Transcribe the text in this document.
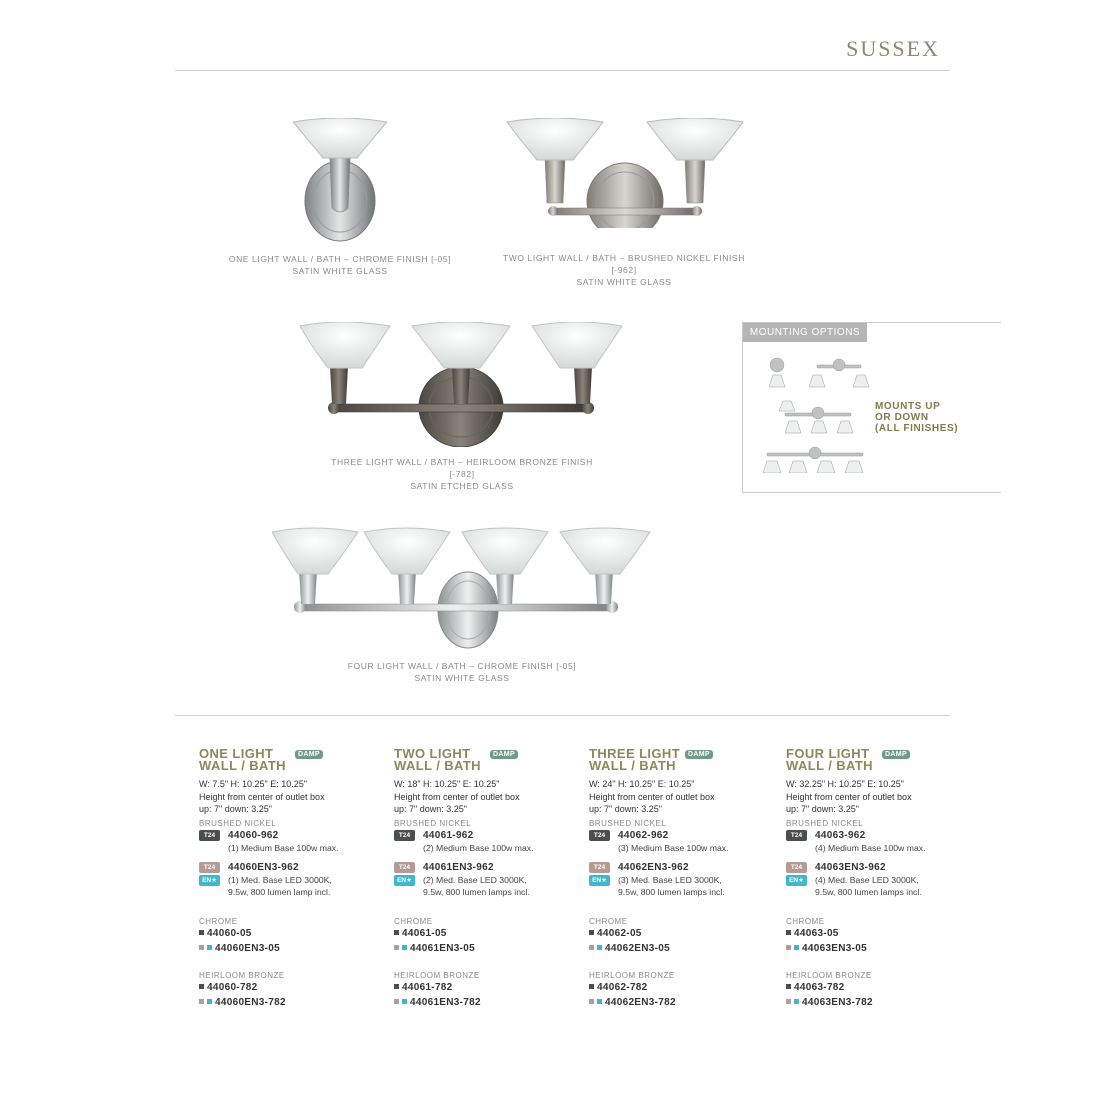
SUSSEX
ONE LIGHT WALL / BATH – CHROME FINISH [-05]
SATIN WHITE GLASS
TWO LIGHT WALL / BATH – BRUSHED NICKEL FINISH [-962]
SATIN WHITE GLASS
THREE LIGHT WALL / BATH – HEIRLOOM BRONZE FINISH [-782]
SATIN ETCHED GLASS
MOUNTING OPTIONS
MOUNTS UP
OR DOWN
(ALL FINISHES)
FOUR LIGHT WALL / BATH – CHROME FINISH [-05]
SATIN WHITE GLASS
ONE LIGHT
WALL / BATH
DAMP
W: 7.5" H: 10.25" E: 10.25"
Height from center of outlet box
up: 7" down: 3.25"
BRUSHED NICKEL
T24	44060-962
(1) Medium Base 100w max.
T24
EN★
44060EN3-962
(1) Med. Base LED 3000K,
9.5w, 800 lumen lamp incl.
CHROME
44060-05
44060EN3-05
HEIRLOOM BRONZE
44060-782
44060EN3-782
TWO LIGHT
WALL / BATH
DAMP
W: 18" H: 10.25" E: 10.25"
Height from center of outlet box
up: 7" down: 3.25"
BRUSHED NICKEL
T24	44061-962
(2) Medium Base 100w max.
T24
EN★
44061EN3-962
(2) Med. Base LED 3000K,
9.5w, 800 lumen lamps incl.
CHROME
44061-05
44061EN3-05
HEIRLOOM BRONZE
44061-782
44061EN3-782
THREE LIGHT
WALL / BATH
DAMP
W: 24" H: 10.25" E: 10.25"
Height from center of outlet box
up: 7" down: 3.25"
BRUSHED NICKEL
T24	44062-962
(3) Medium Base 100w max.
T24
EN★
44062EN3-962
(3) Med. Base LED 3000K,
9.5w, 800 lumen lamps incl.
CHROME
44062-05
44062EN3-05
HEIRLOOM BRONZE
44062-782
44062EN3-782
FOUR LIGHT
WALL / BATH
DAMP
W: 32.25" H: 10.25" E: 10.25"
Height from center of outlet box
up: 7" down: 3.25"
BRUSHED NICKEL
T24	44063-962
(4) Medium Base 100w max.
T24
EN★
44063EN3-962
(4) Med. Base LED 3000K,
9.5w, 800 lumen lamps incl.
CHROME
44063-05
44063EN3-05
HEIRLOOM BRONZE
44063-782
44063EN3-782
